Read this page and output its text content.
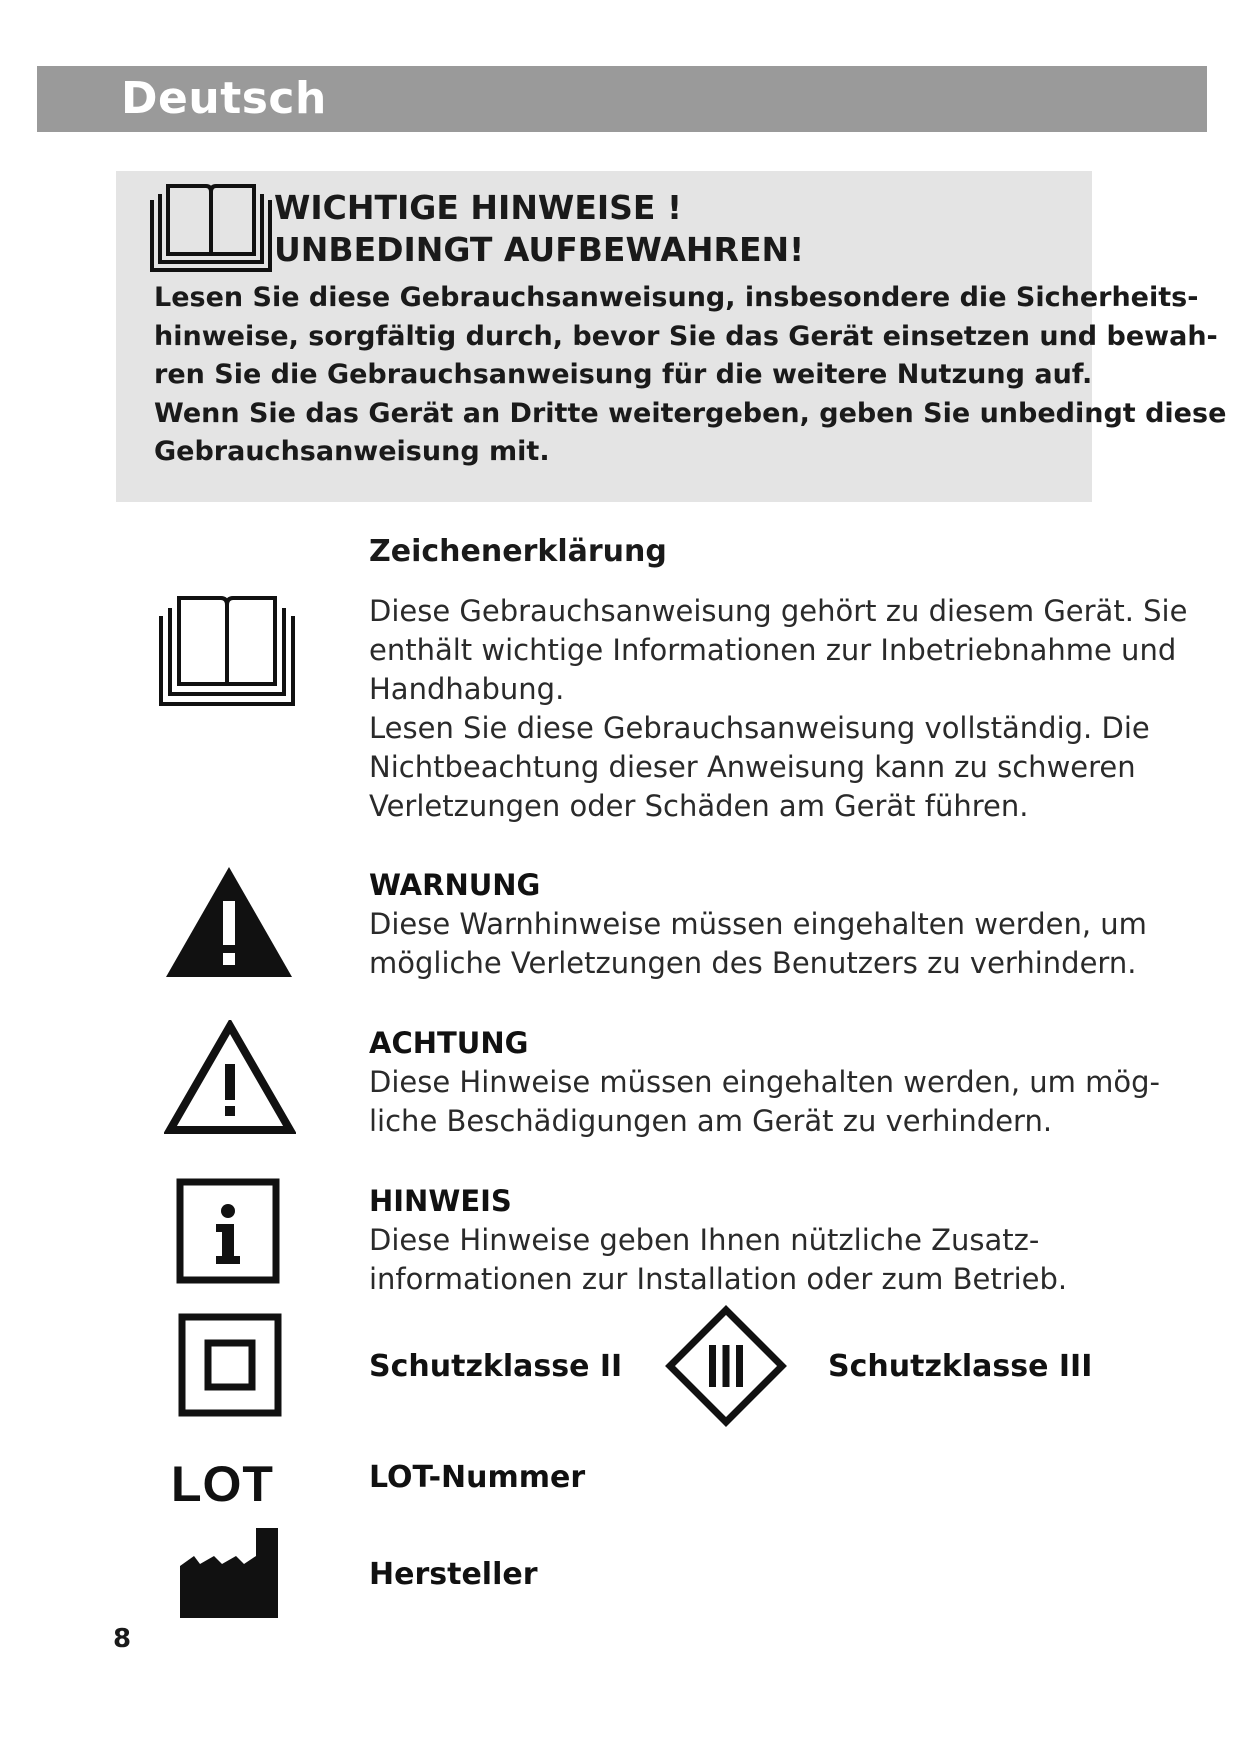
Deutsch
WICHTIGE HINWEISE !
UNBEDINGT AUFBEWAHREN!

Lesen Sie diese Gebrauchsanweisung, insbesondere die Sicherheits-
hinweise, sorgfältig durch, bevor Sie das Gerät einsetzen und bewah-
ren Sie die Gebrauchsanweisung für die weitere Nutzung auf.
Wenn Sie das Gerät an Dritte weitergeben, geben Sie unbedingt diese
Gebrauchsanweisung mit.

Zeichenerklärung

Diese Gebrauchsanweisung gehört zu diesem Gerät. Sie
enthält wichtige Informationen zur Inbetriebnahme und
Handhabung.
Lesen Sie diese Gebrauchsanweisung vollständig. Die
Nichtbeachtung dieser Anweisung kann zu schweren
Verletzungen oder Schäden am Gerät führen.

WARNUNG
Diese Warnhinweise müssen eingehalten werden, um
mögliche Verletzungen des Benutzers zu verhindern.

ACHTUNG
Diese Hinweise müssen eingehalten werden, um mög-
liche Beschädigungen am Gerät zu verhindern.

HINWEIS
Diese Hinweise geben Ihnen nützliche Zusatz-
informationen zur Installation oder zum Betrieb.

Schutzklasse II	Schutzklasse III

LOT	LOT-Nummer

Hersteller

8
